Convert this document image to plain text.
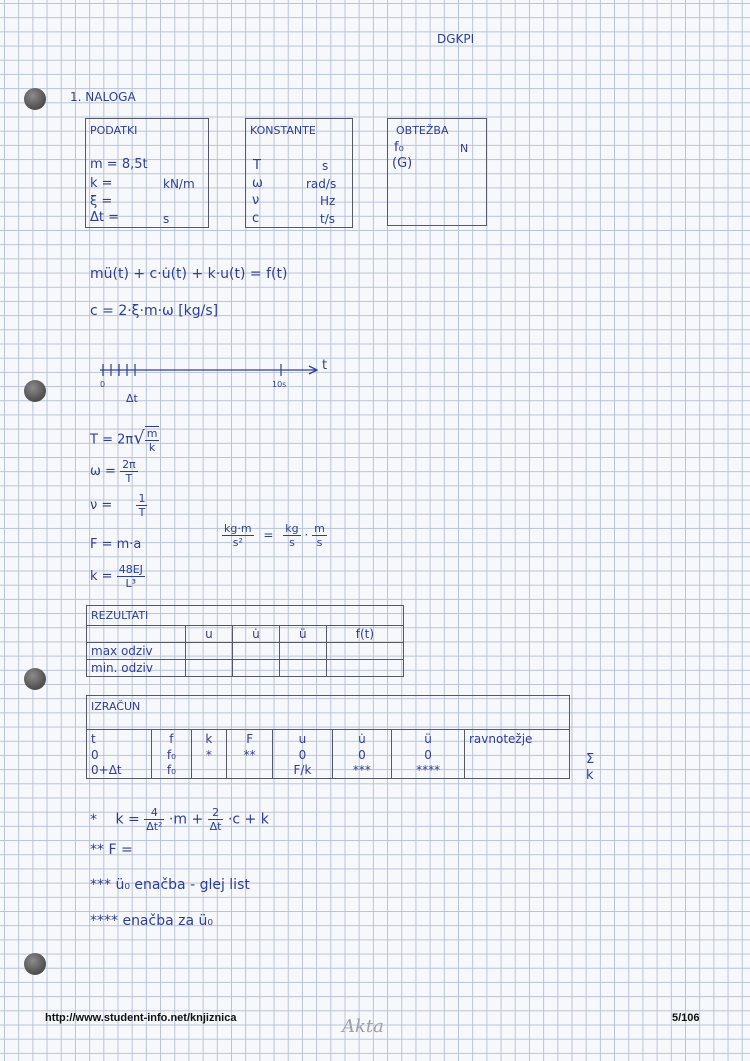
DGKPI
1. NALOGA
PODATKI
m = 8,5t
k =	kN/m
ξ =
Δt =	s
KONSTANTE
T	s
ω	rad/s
ν	Hz
c	t/s
OBTEŽBA
f₀	N
(G)
mü(t) + c·u̇(t) + k·u(t) = f(t)
c = 2·ξ·m·ω [kg/s]
t
0	10s
Δt
$T = 2\pi√ \frac{m}{k}$
$\omega = \frac{2\pi}{T}$
$\nu = \frac{1}{T}$
F = m·a	$\frac{kg\cdot m}{\text{s²}} = \frac{kg}{s} \cdot \frac{m}{s}$
$k = \frac{48EJ}{\text{L³}}$
REZULTATI				
	u	u̇	ü	f(t)
max odziv				
min. odziv				
IZRAČUN							
t	f	k	F	u	u̇	ü	ravnotežje
0	f₀	*	**	0	0	0	
0+Δt	f₀			F/k	***	****	
Σ
k
* $k = \frac{4}{\text{Δt²}} \cdot m + \frac{2}{\Delta t} \cdot c + k$
** F =
*** ü₀ enačba - glej list
**** enačba za ü₀
http://www.student-info.net/knjiznica	Akta	5/106
